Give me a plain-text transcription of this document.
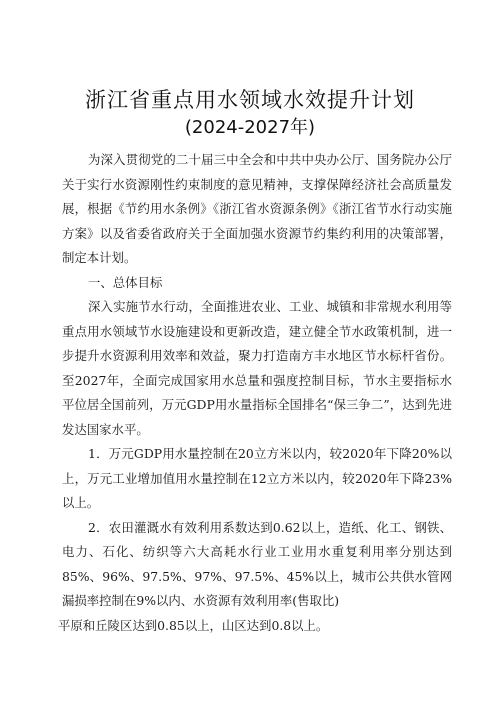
浙江省重点用水领域水效提升计划
(2024-2027年)

为深入贯彻党的二十届三中全会和中共中央办公厅、国务院办公厅关于实行水资源刚性约束制度的意见精神，支撑保障经济社会高质量发展，根据《节约用水条例》《浙江省水资源条例》《浙江省节水行动实施方案》以及省委省政府关于全面加强水资源节约集约利用的决策部署，制定本计划。

一、总体目标

深入实施节水行动，全面推进农业、工业、城镇和非常规水利用等重点用水领域节水设施建设和更新改造，建立健全节水政策机制，进一步提升水资源利用效率和效益，聚力打造南方丰水地区节水标杆省份。至2027年，全面完成国家用水总量和强度控制目标，节水主要指标水平位居全国前列，万元GDP用水量指标全国排名“保三争二”，达到先进发达国家水平。

1．万元GDP用水量控制在20立方米以内，较2020年下降20%以上，万元工业增加值用水量控制在12立方米以内，较2020年下降23%以上。

2．农田灌溉水有效利用系数达到0.62以上，造纸、化工、钢铁、电力、石化、纺织等六大高耗水行业工业用水重复利用率分别达到85%、96%、97.5%、97%、97.5%、45%以上，城市公共供水管网漏损率控制在9%以内、水资源有效利用率(售取比)

平原和丘陵区达到0.85以上，山区达到0.8以上。
